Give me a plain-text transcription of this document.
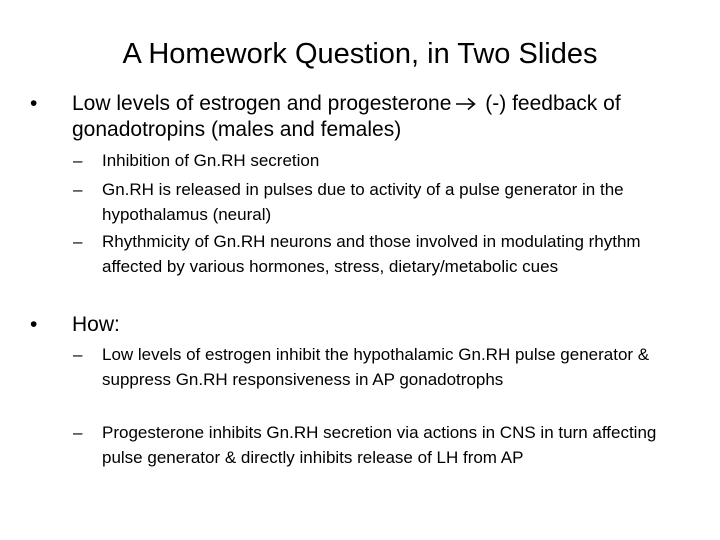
A Homework Question, in Two Slides
• Low levels of estrogen and progesterone (-) feedback of gonadotropins (males and females)
– Inhibition of Gn.RH secretion
– Gn.RH is released in pulses due to activity of a pulse generator in the hypothalamus (neural)
– Rhythmicity of Gn.RH neurons and those involved in modulating rhythm affected by various hormones, stress, dietary/metabolic cues
• How:
– Low levels of estrogen inhibit the hypothalamic Gn.RH pulse generator & suppress Gn.RH responsiveness in AP gonadotrophs
– Progesterone inhibits Gn.RH secretion via actions in CNS in turn affecting pulse generator & directly inhibits release of LH from AP
